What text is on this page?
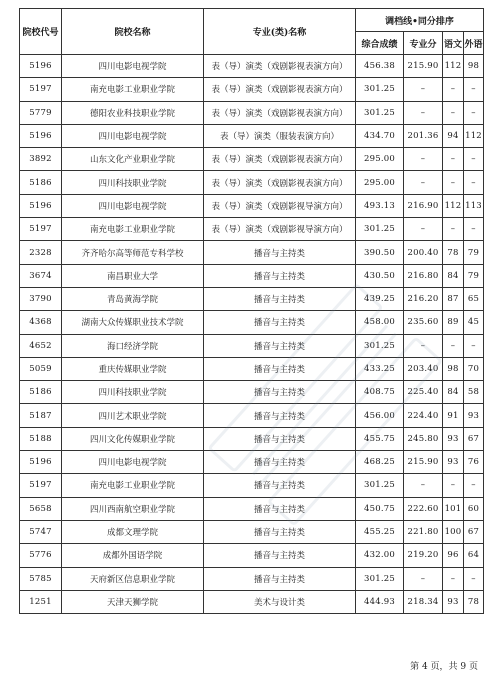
院校代号	院校名称	专业(类)名称	调档线•同分排序			
			综合成绩	专业分	语文	外语
5196	四川电影电视学院	表（导）演类（戏剧影视表演方向）	456.38	215.90	112	98
5197	南充电影工业职业学院	表（导）演类（戏剧影视表演方向）	301.25	–	–	–
5779	德阳农业科技职业学院	表（导）演类（戏剧影视表演方向）	301.25	–	–	–
5196	四川电影电视学院	表（导）演类（服装表演方向）	434.70	201.36	94	112
3892	山东文化产业职业学院	表（导）演类（戏剧影视表演方向）	295.00	–	–	–
5186	四川科技职业学院	表（导）演类（戏剧影视表演方向）	295.00	–	–	–
5196	四川电影电视学院	表（导）演类（戏剧影视导演方向）	493.13	216.90	112	113
5197	南充电影工业职业学院	表（导）演类（戏剧影视导演方向）	301.25	–	–	–
2328	齐齐哈尔高等师范专科学校	播音与主持类	390.50	200.40	78	79
3674	南昌职业大学	播音与主持类	430.50	216.80	84	79
3790	青岛黄海学院	播音与主持类	439.25	216.20	87	65
4368	湖南大众传媒职业技术学院	播音与主持类	458.00	235.60	89	45
4652	海口经济学院	播音与主持类	301.25	–	–	–
5059	重庆传媒职业学院	播音与主持类	433.25	203.40	98	70
5186	四川科技职业学院	播音与主持类	408.75	225.40	84	58
5187	四川艺术职业学院	播音与主持类	456.00	224.40	91	93
5188	四川文化传媒职业学院	播音与主持类	455.75	245.80	93	67
5196	四川电影电视学院	播音与主持类	468.25	215.90	93	76
5197	南充电影工业职业学院	播音与主持类	301.25	–	–	–
5658	四川西南航空职业学院	播音与主持类	450.75	222.60	101	60
5747	成都文理学院	播音与主持类	455.25	221.80	100	67
5776	成都外国语学院	播音与主持类	432.00	219.20	96	64
5785	天府新区信息职业学院	播音与主持类	301.25	–	–	–
1251	天津天狮学院	美术与设计类	444.93	218.34	93	78
第 4 页，共 9 页
